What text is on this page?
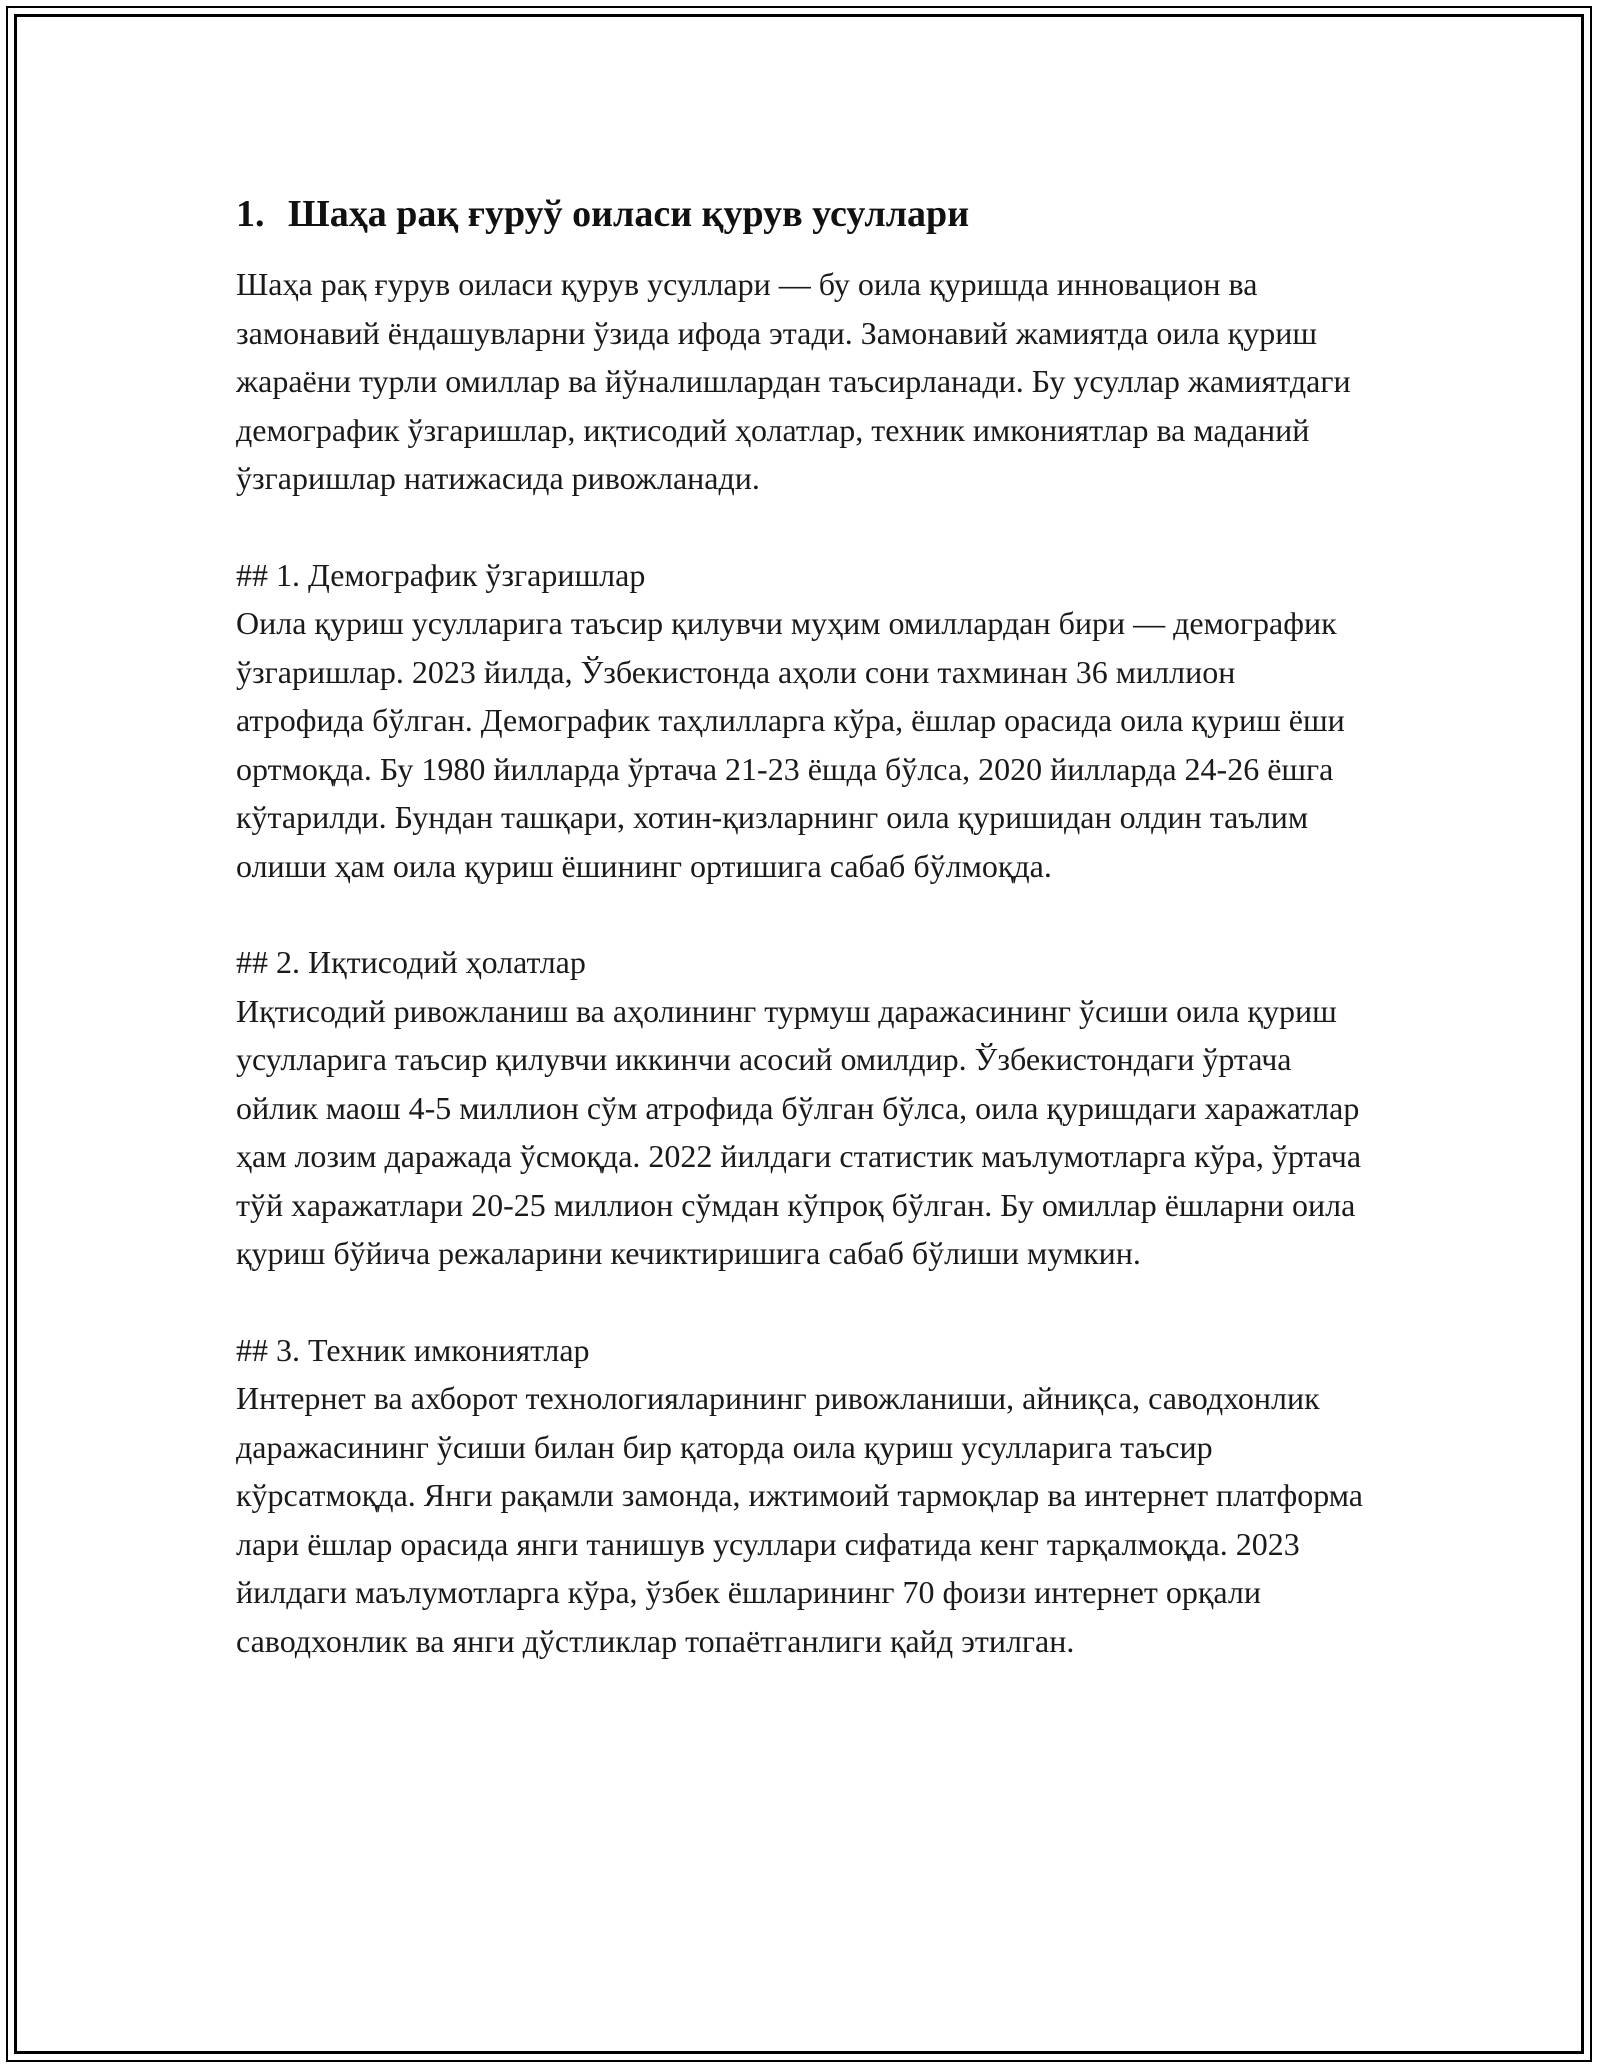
1. Шаҳа рақ ғуруў оиласи қурув усуллари

Шаҳа рақ ғурув оиласи қурув усуллари — бу оила қуришда инновацион ва замонавий ёндашувларни ўзида ифода этади. Замонавий жамиятда оила қуриш жараёни турли омиллар ва йўналишлардан таъсирланади. Бу усуллар жамиятдаги демографик ўзгаришлар, иқтисодий ҳолатлар, техник имкониятлар ва маданий ўзгаришлар натижасида ривожланади.

## 1. Демографик ўзгаришлар

Оила қуриш усулларига таъсир қилувчи муҳим омиллардан бири — демографик ўзгаришлар. 2023 йилда, Ўзбекистонда аҳоли сони тахминан 36 миллион атрофида бўлган. Демографик таҳлилларга кўра, ёшлар орасида оила қуриш ёши ортмоқда. Бу 1980 йилларда ўртача 21-23 ёшда бўлса, 2020 йилларда 24-26 ёшга кўтарилди. Бундан ташқари, хотин-қизларнинг оила қуришидан олдин таълим олиши ҳам оила қуриш ёшининг ортишига сабаб бўлмоқда.

## 2. Иқтисодий ҳолатлар

Иқтисодий ривожланиш ва аҳолининг турмуш даражасининг ўсиши оила қуриш усулларига таъсир қилувчи иккинчи асосий омилдир. Ўзбекистондаги ўртача ойлик маош 4-5 миллион сўм атрофида бўлган бўлса, оила қуришдаги харажатлар ҳам лозим даражада ўсмоқда. 2022 йилдаги статистик маълумотларга кўра, ўртача тўй харажатлари 20-25 миллион сўмдан кўпроқ бўлган. Бу омиллар ёшларни оила қуриш бўйича режаларини кечиктиришига сабаб бўлиши мумкин.

## 3. Техник имкониятлар

Интернет ва ахборот технологияларининг ривожланиши, айниқса, саводхонлик даражасининг ўсиши билан бир қаторда оила қуриш усулларига таъсир кўрсатмоқда. Янги рақамли замонда, ижтимоий тармоқлар ва интернет платформа лари ёшлар орасида янги танишув усуллари сифатида кенг тарқалмоқда. 2023 йилдаги маълумотларга кўра, ўзбек ёшларининг 70 фоизи интернет орқали саводхонлик ва янги дўстликлар топаётганлиги қайд этилган.
